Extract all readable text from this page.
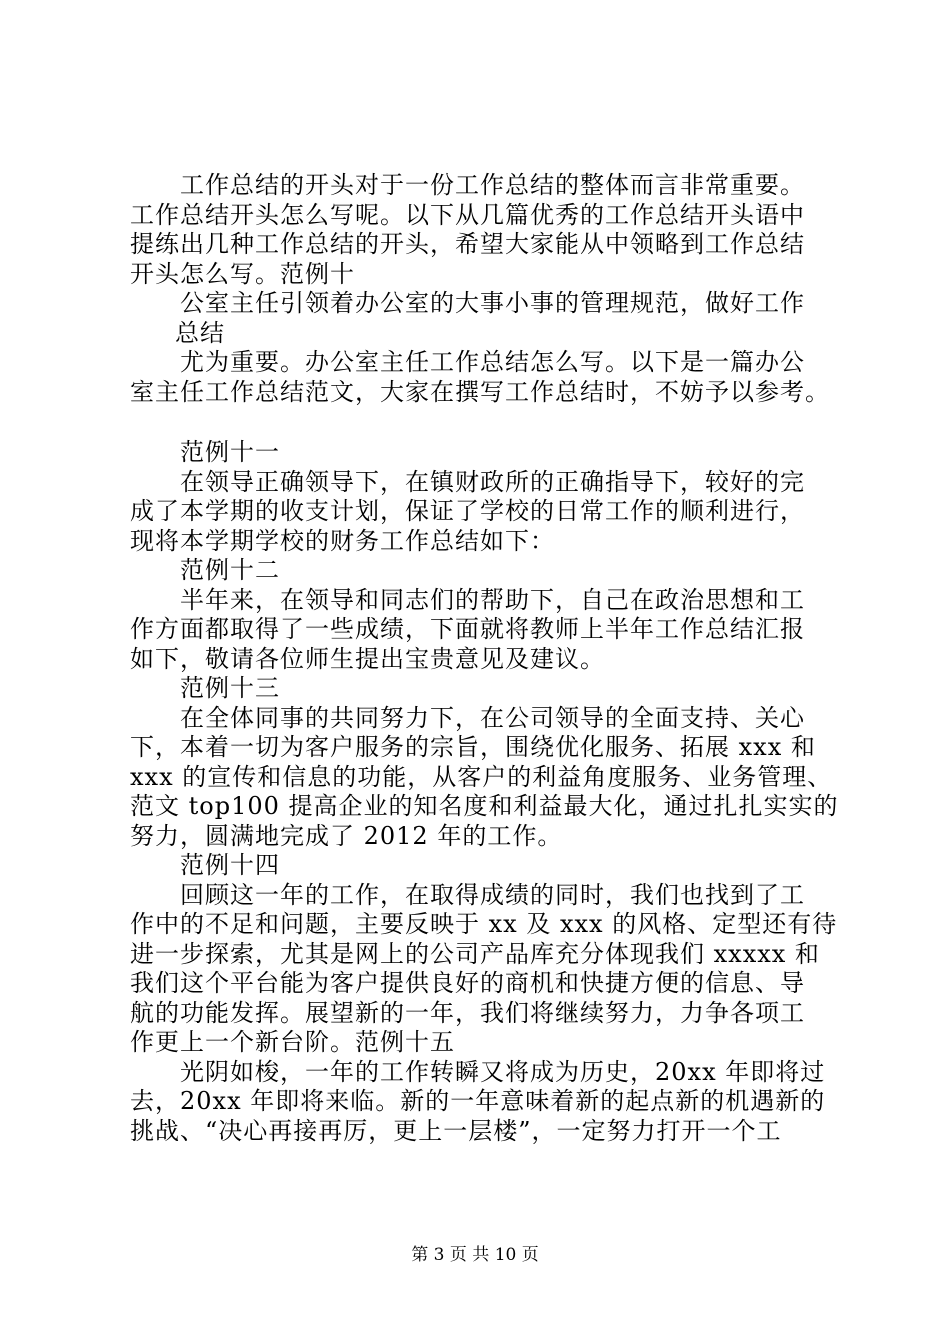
工作总结的开头对于一份工作总结的整体而言非常重要。
工作总结开头怎么写呢。以下从几篇优秀的工作总结开头语中
提练出几种工作总结的开头，希望大家能从中领略到工作总结
开头怎么写。范例十
公室主任引领着办公室的大事小事的管理规范，做好工作
总结
尤为重要。办公室主任工作总结怎么写。以下是一篇办公
室主任工作总结范文，大家在撰写工作总结时，不妨予以参考。
范例十一
在领导正确领导下，在镇财政所的正确指导下，较好的完
成了本学期的收支计划，保证了学校的日常工作的顺利进行，
现将本学期学校的财务工作总结如下：
范例十二
半年来，在领导和同志们的帮助下，自己在政治思想和工
作方面都取得了一些成绩，下面就将教师上半年工作总结汇报
如下，敬请各位师生提出宝贵意见及建议。
范例十三
在全体同事的共同努力下，在公司领导的全面支持、关心
下，本着一切为客户服务的宗旨，围绕优化服务、拓展 xxx 和
xxx 的宣传和信息的功能，从客户的利益角度服务、业务管理、
范文 top100 提高企业的知名度和利益最大化，通过扎扎实实的
努力，圆满地完成了 2012 年的工作。
范例十四
回顾这一年的工作，在取得成绩的同时，我们也找到了工
作中的不足和问题，主要反映于 xx 及 xxx 的风格、定型还有待
进一步探索，尤其是网上的公司产品库充分体现我们 xxxxx 和
我们这个平台能为客户提供良好的商机和快捷方便的信息、导
航的功能发挥。展望新的一年，我们将继续努力，力争各项工
作更上一个新台阶。范例十五
光阴如梭，一年的工作转瞬又将成为历史，20xx 年即将过
去，20xx 年即将来临。新的一年意味着新的起点新的机遇新的
挑战、“决心再接再厉，更上一层楼”，一定努力打开一个工
第 3 页 共 10 页
